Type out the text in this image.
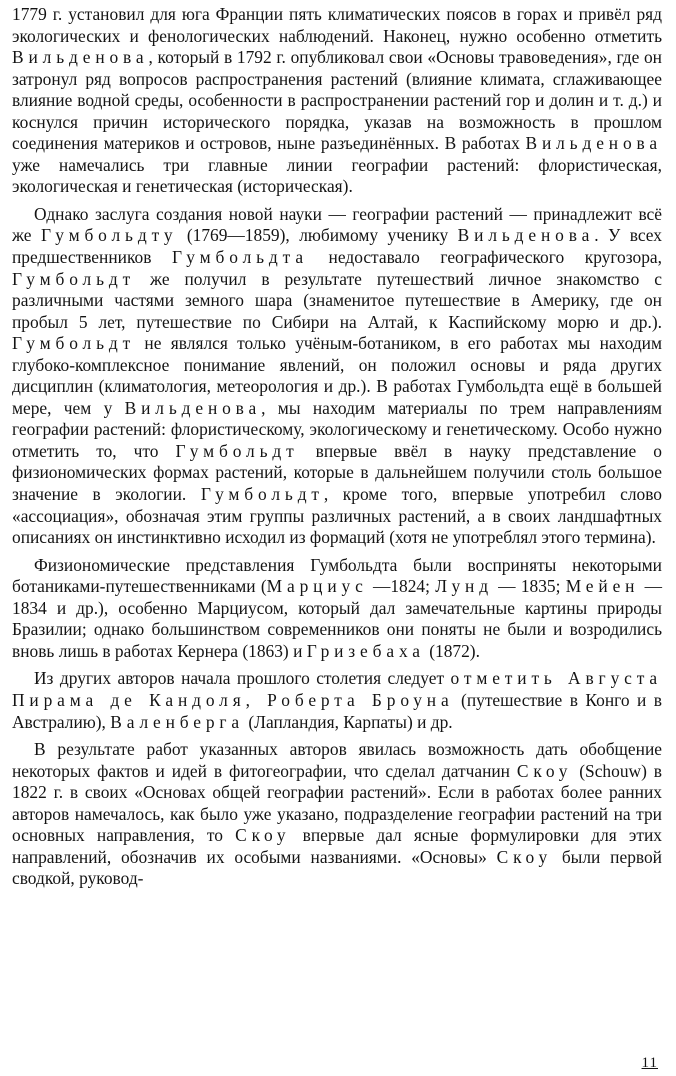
1779 г. установил для юга Франции пять климатических поясов в горах и привёл ряд экологических и фенологических наблюдений. Наконец, нужно особенно отметить Вильденова, который в 1792 г. опубликовал свои «Основы травоведения», где он затронул ряд вопросов распространения растений (влияние климата, сглаживающее влияние водной среды, особенности в распространении растений гор и долин и т. д.) и коснулся причин исторического порядка, указав на возможность в прошлом соединения материков и островов, ныне разъединённых. В работах Вильденова уже намечались три главные линии географии растений: флористическая, экологическая и генетическая (историческая).

Однако заслуга создания новой науки — географии растений — принадлежит всё же Гумбольдту (1769—1859), любимому ученику Вильденова. У всех предшественников Гумбольдта недоставало географического кругозора, Гумбольдт же получил в результате путешествий личное знакомство с различными частями земного шара (знаменитое путешествие в Америку, где он пробыл 5 лет, путешествие по Сибири на Алтай, к Каспийскому морю и др.). Гумбольдт не являлся только учёным-ботаником, в его работах мы находим глубоко-комплексное понимание явлений, он положил основы и ряда других дисциплин (климатология, метеорология и др.). В работах Гумбольдта ещё в большей мере, чем у Вильденова, мы находим материалы по трем направлениям географии растений: флористическому, экологическому и генетическому. Особо нужно отметить то, что Гумбольдт впервые ввёл в науку представление о физиономических формах растений, которые в дальнейшем получили столь большое значение в экологии. Гумбольдт, кроме того, впервые употребил слово «ассоциация», обозначая этим группы различных растений, а в своих ландшафтных описаниях он инстинктивно исходил из формаций (хотя не употреблял этого термина).

Физиономические представления Гумбольдта были восприняты некоторыми ботаниками-путешественниками (Марциус —1824; Лунд — 1835; Мейен —1834 и др.), особенно Марциусом, который дал замечательные картины природы Бразилии; однако большинством современников они поняты не были и возродились вновь лишь в работах Кернера (1863) и Гризебаха (1872).

Из других авторов начала прошлого столетия следует отметить Августа Пирама де Кандоля, Роберта Броуна (путешествие в Конго и в Австралию), Валенберга (Лапландия, Карпаты) и др.

В результате работ указанных авторов явилась возможность дать обобщение некоторых фактов и идей в фитогеографии, что сделал датчанин Скоу (Schouw) в 1822 г. в своих «Основах общей географии растений». Если в работах более ранних авторов намечалось, как было уже указано, подразделение географии растений на три основных направления, то Скоу впервые дал ясные формулировки для этих направлений, обозначив их особыми названиями. «Основы» Скоу были первой сводкой, руковод-

11
